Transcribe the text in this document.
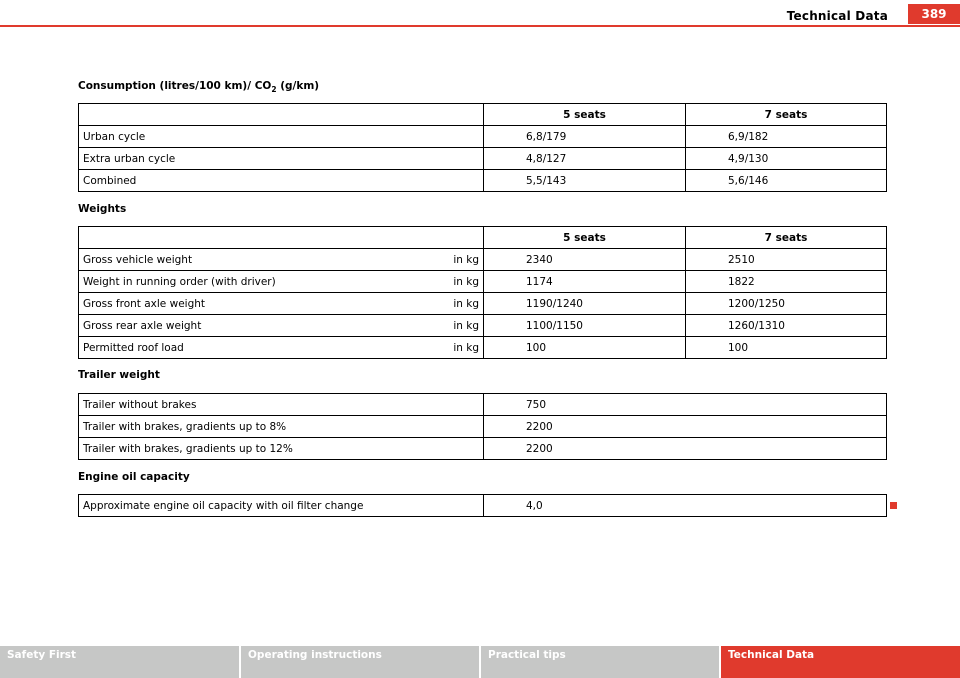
Technical Data	389
Consumption (litres/100 km)/ $CO_2$ (g/km)
	5 seats	7 seats
Urban cycle	6,8/179	6,9/182
Extra urban cycle	4,8/127	4,9/130
Combined	5,5/143	5,6/146
Weights
		5 seats	7 seats
Gross vehicle weight	in kg	2340	2510
Weight in running order (with driver)	in kg	1174	1822
Gross front axle weight	in kg	1190/1240	1200/1250
Gross rear axle weight	in kg	1100/1150	1260/1310
Permitted roof load	in kg	100	100
Trailer weight
Trailer without brakes	750
Trailer with brakes, gradients up to 8%	2200
Trailer with brakes, gradients up to 12%	2200
Engine oil capacity
Approximate engine oil capacity with oil filter change	4,0
Safety First	Operating instructions	Practical tips	Technical Data
